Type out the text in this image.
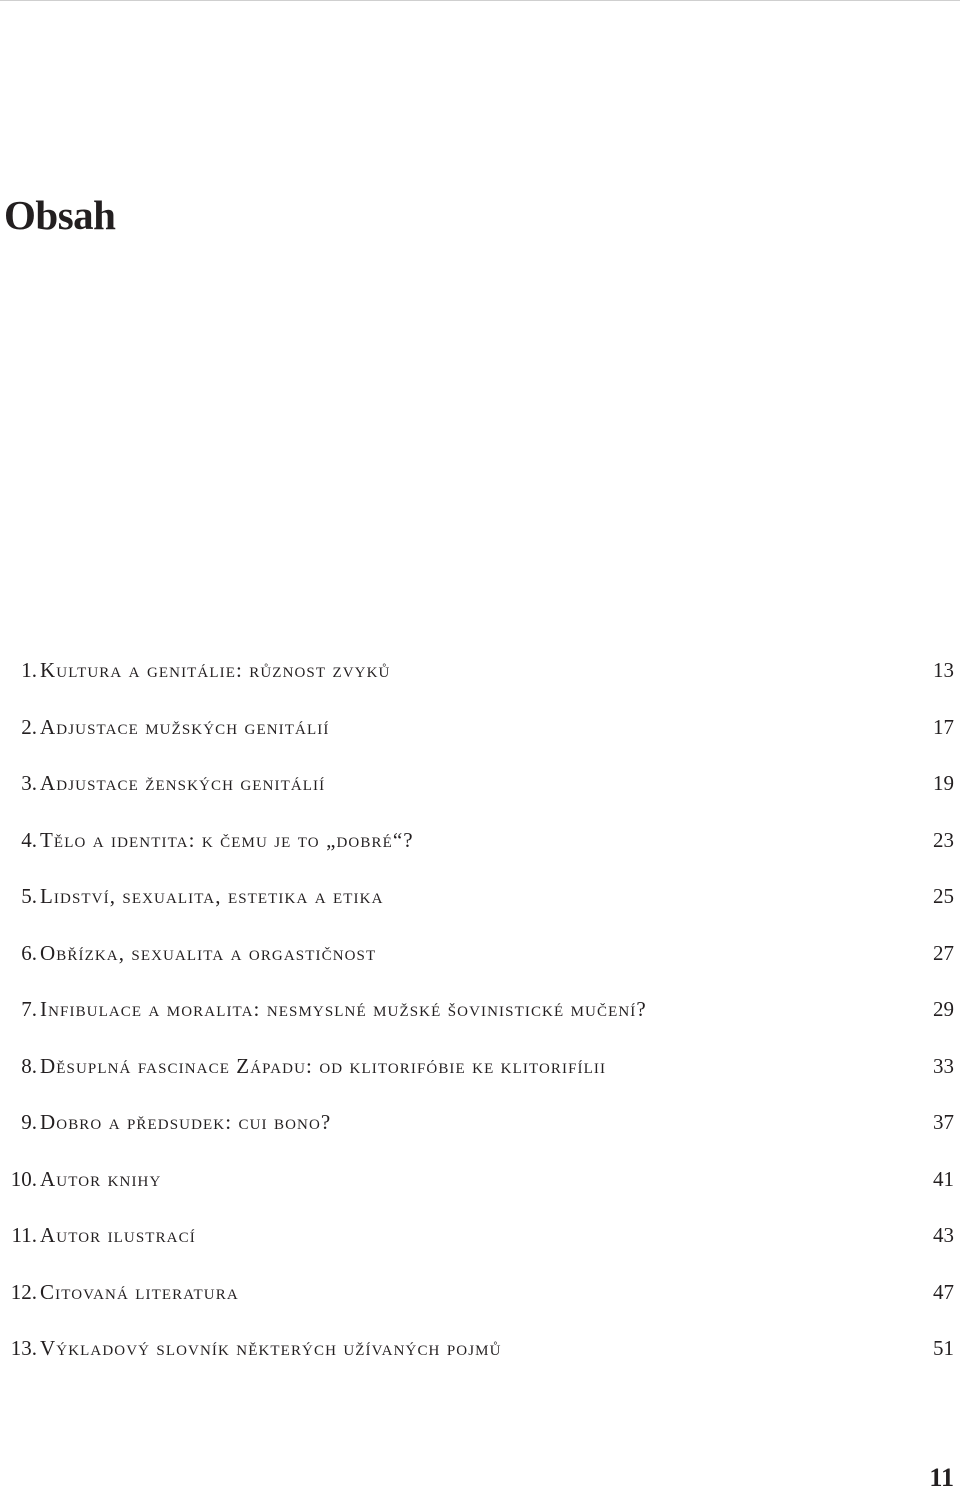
Obsah
1. Kultura a genitálie: různost zvyků	13
2. Adjustace mužských genitálií	17
3. Adjustace ženských genitálií	19
4. Tělo a identita: k čemu je to „dobré“?	23
5. Lidství, sexualita, estetika a etika	25
6. Obřízka, sexualita a orgastičnost	27
7. Infibulace a moralita: nesmyslné mužské šovinistické mučení?	29
8. Děsuplná fascinace Západu: od klitorifóbie ke klitorifílii	33
9. Dobro a předsudek: cui bono?	37
10. Autor knihy	41
11. Autor ilustrací	43
12. Citovaná literatura	47
13. Výkladový slovník některých užívaných pojmů	51
11
